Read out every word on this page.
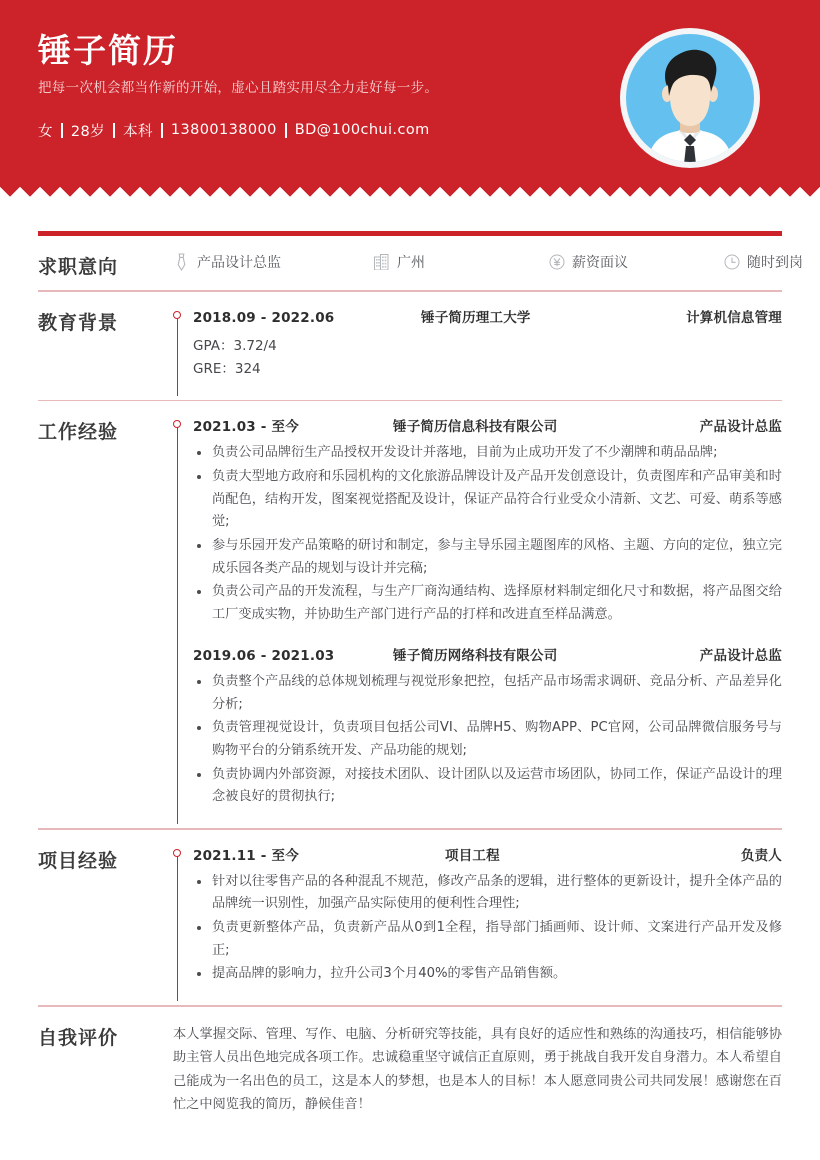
锤子简历
把每一次机会都当作新的开始，虚心且踏实用尽全力走好每一步。
女 28岁 本科 13800138000 BD@100chui.com
求职意向	产品设计总监	广州	薪资面议	随时到岗
教育背景	2018.09 - 2022.06	锤子简历理工大学	计算机信息管理
GPA：3.72/4
GRE：324
工作经验	2021.03 - 至今	锤子简历信息科技有限公司	产品设计总监
负责公司品牌衍生产品授权开发设计并落地，目前为止成功开发了不少潮牌和萌品品牌;
负责大型地方政府和乐园机构的文化旅游品牌设计及产品开发创意设计，负责图库和产品审美和时尚配色，结构开发，图案视觉搭配及设计，保证产品符合行业受众小清新、文艺、可爱、萌系等感觉;
参与乐园开发产品策略的研讨和制定，参与主导乐园主题图库的风格、主题、方向的定位，独立完成乐园各类产品的规划与设计并完稿;
负责公司产品的开发流程，与生产厂商沟通结构、选择原材料制定细化尺寸和数据，将产品图交给工厂变成实物，并协助生产部门进行产品的打样和改进直至样品满意。
2019.06 - 2021.03	锤子简历网络科技有限公司	产品设计总监
负责整个产品线的总体规划梳理与视觉形象把控，包括产品市场需求调研、竞品分析、产品差异化分析;
负责管理视觉设计，负责项目包括公司VI、品牌H5、购物APP、PC官网，公司品牌微信服务号与购物平台的分销系统开发、产品功能的规划;
负责协调内外部资源，对接技术团队、设计团队以及运营市场团队，协同工作，保证产品设计的理念被良好的贯彻执行;
项目经验	2021.11 - 至今	项目工程	负责人
针对以往零售产品的各种混乱不规范，修改产品条的逻辑，进行整体的更新设计，提升全体产品的品牌统一识别性，加强产品实际使用的便利性合理性;
负责更新整体产品，负责新产品从0到1全程，指导部门插画师、设计师、文案进行产品开发及修正;
提高品牌的影响力，拉升公司3个月40%的零售产品销售额。
自我评价	本人掌握交际、管理、写作、电脑、分析研究等技能，具有良好的适应性和熟练的沟通技巧，相信能够协助主管人员出色地完成各项工作。忠诚稳重坚守诚信正直原则，勇于挑战自我开发自身潜力。本人希望自己能成为一名出色的员工，这是本人的梦想，也是本人的目标！本人愿意同贵公司共同发展！感谢您在百忙之中阅览我的简历，静候佳音！
